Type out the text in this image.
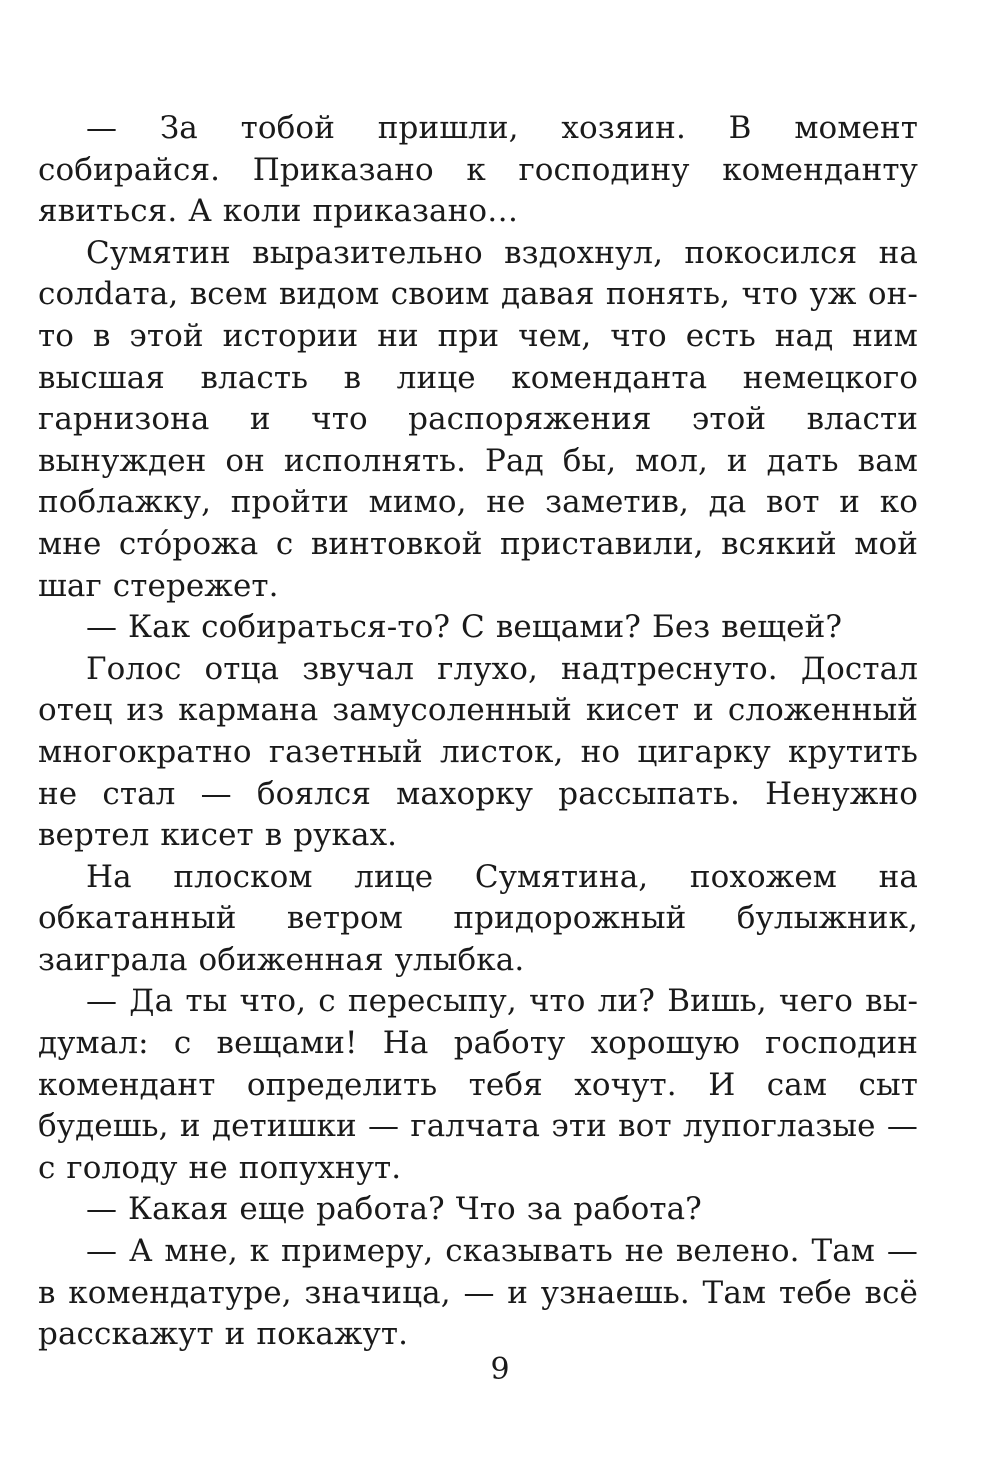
— За тобой пришли, хозяин. В момент собирайся. Приказано к господину коменданту явиться. А коли приказано…

Сумятин выразительно вздохнул, покосился на солdата, всем видом своим давая понять, что уж он-то в этой истории ни при чем, что есть над ним высшая власть в лице коменданта немецкого гарнизона и что распоряжения этой власти вынужден он исполнять. Рад бы, мол, и дать вам поблажку, пройти мимо, не заметив, да вот и ко мне сто́рожа с винтовкой приставили, всякий мой шаг стережет.

— Как собираться-то? С вещами? Без вещей?

Голос отца звучал глухо, надтреснуто. Достал отец из кармана замусоленный кисет и сложенный многократно газетный листок, но цигарку крутить не стал — боялся махорку рассыпать. Ненужно вертел кисет в руках.

На плоском лице Сумятина, похожем на обкатанный ветром придорожный булыжник, заиграла обиженная улыбка.

— Да ты что, с пересыпу, что ли? Вишь, чего выдумал: с вещами! На работу хорошую господин комендант определить тебя хочут. И сам сыт будешь, и детишки — галчата эти вот лупоглазые — с голоду не попухнут.

— Какая еще работа? Что за работа?

— А мне, к примеру, сказывать не велено. Там — в комендатуре, значица, — и узнаешь. Там тебе всё расскажут и покажут.

9
